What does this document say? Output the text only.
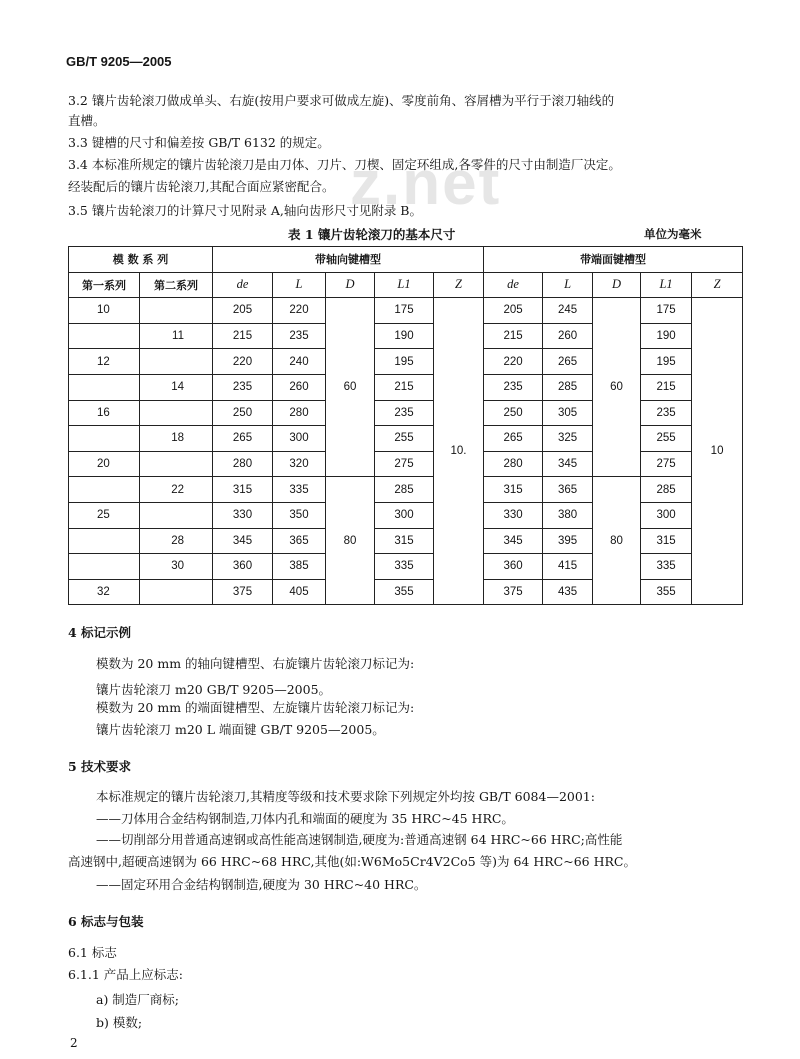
GB/T 9205—2005
z.net
3.2 镶片齿轮滚刀做成单头、右旋(按用户要求可做成左旋)、零度前角、容屑槽为平行于滚刀轴线的
直槽。
3.3 键槽的尺寸和偏差按 GB/T 6132 的规定。
3.4 本标准所规定的镶片齿轮滚刀是由刀体、刀片、刀楔、固定环组成,各零件的尺寸由制造厂决定。
经装配后的镶片齿轮滚刀,其配合面应紧密配合。
3.5 镶片齿轮滚刀的计算尺寸见附录 A,轴向齿形尺寸见附录 B。
表 1 镶片齿轮滚刀的基本尺寸	单位为毫米
模 数 系 列		带轴向键槽型					带端面键槽型				
第一系列	第二系列	de	L	D	L1	Z	de	L	D	L1	Z
10		205	220	60	175	10.	205	245	60	175	10
	11	215	235		190		215	260		190	
12		220	240		195		220	265		195	
	14	235	260		215		235	285		215	
16		250	280		235		250	305		235	
	18	265	300		255		265	325		255	
20		280	320		275		280	345		275	
	22	315	335	80	285		315	365	80	285	
25		330	350		300		330	380		300	
	28	345	365		315		345	395		315	
	30	360	385		335		360	415		335	
32		375	405		355		375	435		355	
4 标记示例
模数为 20 mm 的轴向键槽型、右旋镶片齿轮滚刀标记为:
镶片齿轮滚刀 m20 GB/T 9205—2005。
模数为 20 mm 的端面键槽型、左旋镶片齿轮滚刀标记为:
镶片齿轮滚刀 m20 L 端面键 GB/T 9205—2005。
5 技术要求
本标准规定的镶片齿轮滚刀,其精度等级和技术要求除下列规定外均按 GB/T 6084—2001:
——刀体用合金结构钢制造,刀体内孔和端面的硬度为 35 HRC~45 HRC。
——切削部分用普通高速钢或高性能高速钢制造,硬度为:普通高速钢 64 HRC~66 HRC;高性能
高速钢中,超硬高速钢为 66 HRC~68 HRC,其他(如:W6Mo5Cr4V2Co5 等)为 64 HRC~66 HRC。
——固定环用合金结构钢制造,硬度为 30 HRC~40 HRC。
6 标志与包装
6.1 标志
6.1.1 产品上应标志:
a) 制造厂商标;
b) 模数;
2
